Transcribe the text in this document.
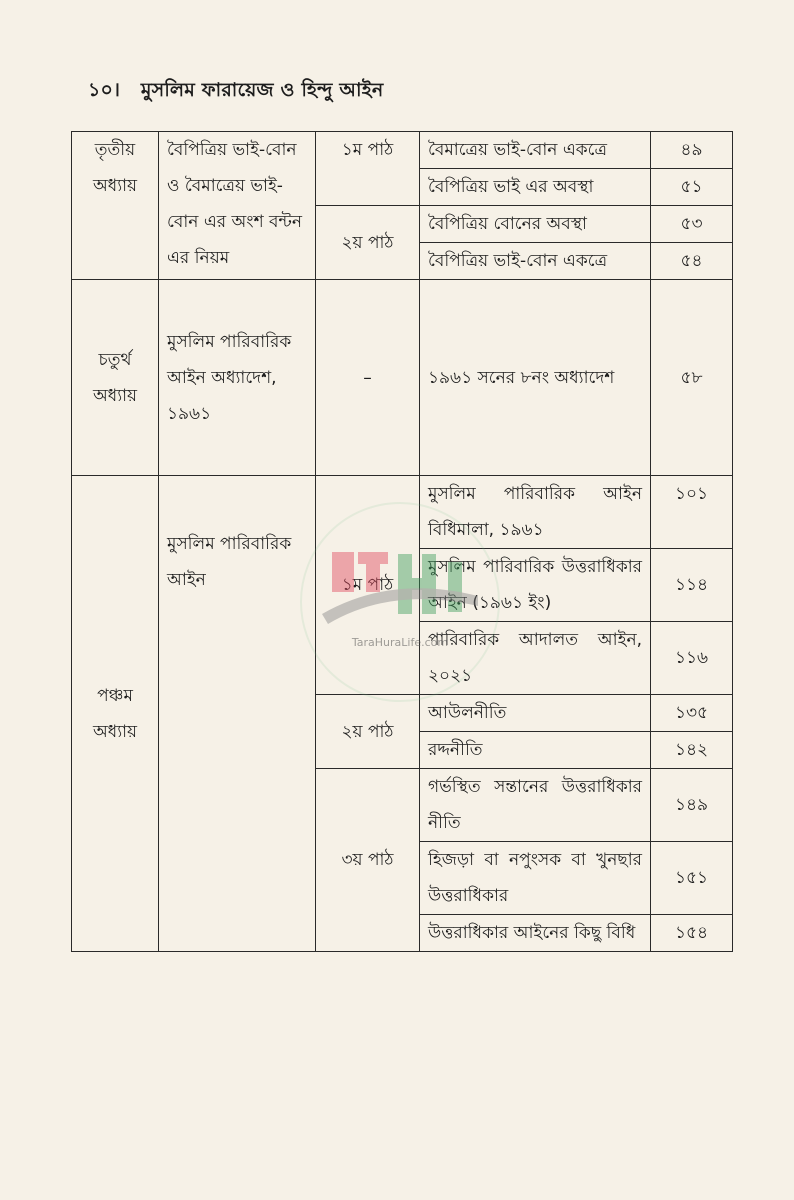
১০। মুসলিম ফারায়েজ ও হিন্দু আইন
তৃতীয় অধ্যায়	বৈপিত্রিয় ভাই-বোন ও বৈমাত্রেয় ভাই-বোন এর অংশ বন্টন এর নিয়ম	১ম পাঠ	বৈমাত্রেয় ভাই-বোন একত্রে	৪৯
			বৈপিত্রিয় ভাই এর অবস্থা	৫১
		২য় পাঠ	বৈপিত্রিয় বোনের অবস্থা	৫৩
			বৈপিত্রিয় ভাই-বোন একত্রে	৫৪
চতুর্থ অধ্যায়	মুসলিম পারিবারিক আইন অধ্যাদেশ, ১৯৬১	–	১৯৬১ সনের ৮নং অধ্যাদেশ	৫৮
পঞ্চম অধ্যায়	মুসলিম পারিবারিক আইন	১ম পাঠ	মুসলিম পারিবারিক আইন বিধিমালা, ১৯৬১	১০১
			মুসলিম পারিবারিক উত্তরাধিকার আইন (১৯৬১ ইং)	১১৪
			পারিবারিক আদালত আইন, ২০২১	১১৬
		২য় পাঠ	আউলনীতি	১৩৫
			রদ্দনীতি	১৪২
		৩য় পাঠ	গর্ভস্থিত সন্তানের উত্তরাধিকার নীতি	১৪৯
			হিজড়া বা নপুংসক বা খুনছার উত্তরাধিকার	১৫১
			উত্তরাধিকার আইনের কিছু বিধি	১৫৪
TaraHuraLife.com
